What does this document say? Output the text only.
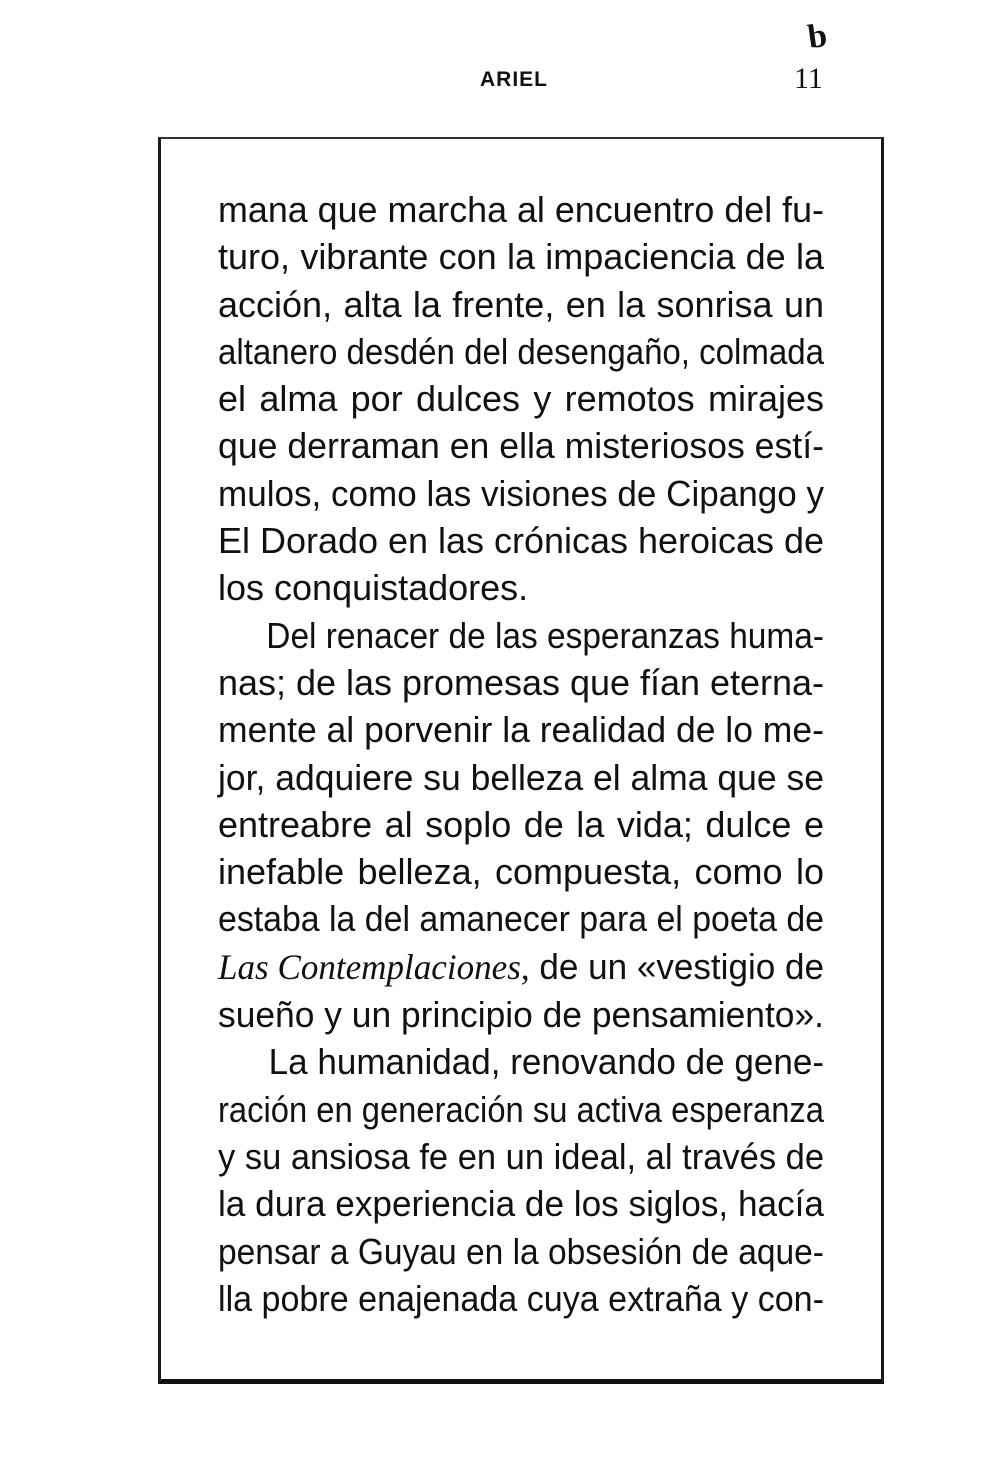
b
ARIEL	11
mana que marcha al encuentro del fu-
turo, vibrante con la impaciencia de la
acción, alta la frente, en la sonrisa un
altanero desdén del desengaño, colmada
el alma por dulces y remotos mirajes
que derraman en ella misteriosos estí-
mulos, como las visiones de Cipango y
El Dorado en las crónicas heroicas de
los conquistadores.
Del renacer de las esperanzas huma-
nas; de las promesas que fían eterna-
mente al porvenir la realidad de lo me-
jor, adquiere su belleza el alma que se
entreabre al soplo de la vida; dulce e
inefable belleza, compuesta, como lo
estaba la del amanecer para el poeta de
Las Contemplaciones, de un «vestigio de
sueño y un principio de pensamiento».
La humanidad, renovando de gene-
ración en generación su activa esperanza
y su ansiosa fe en un ideal, al través de
la dura experiencia de los siglos, hacía
pensar a Guyau en la obsesión de aque-
lla pobre enajenada cuya extraña y con-
